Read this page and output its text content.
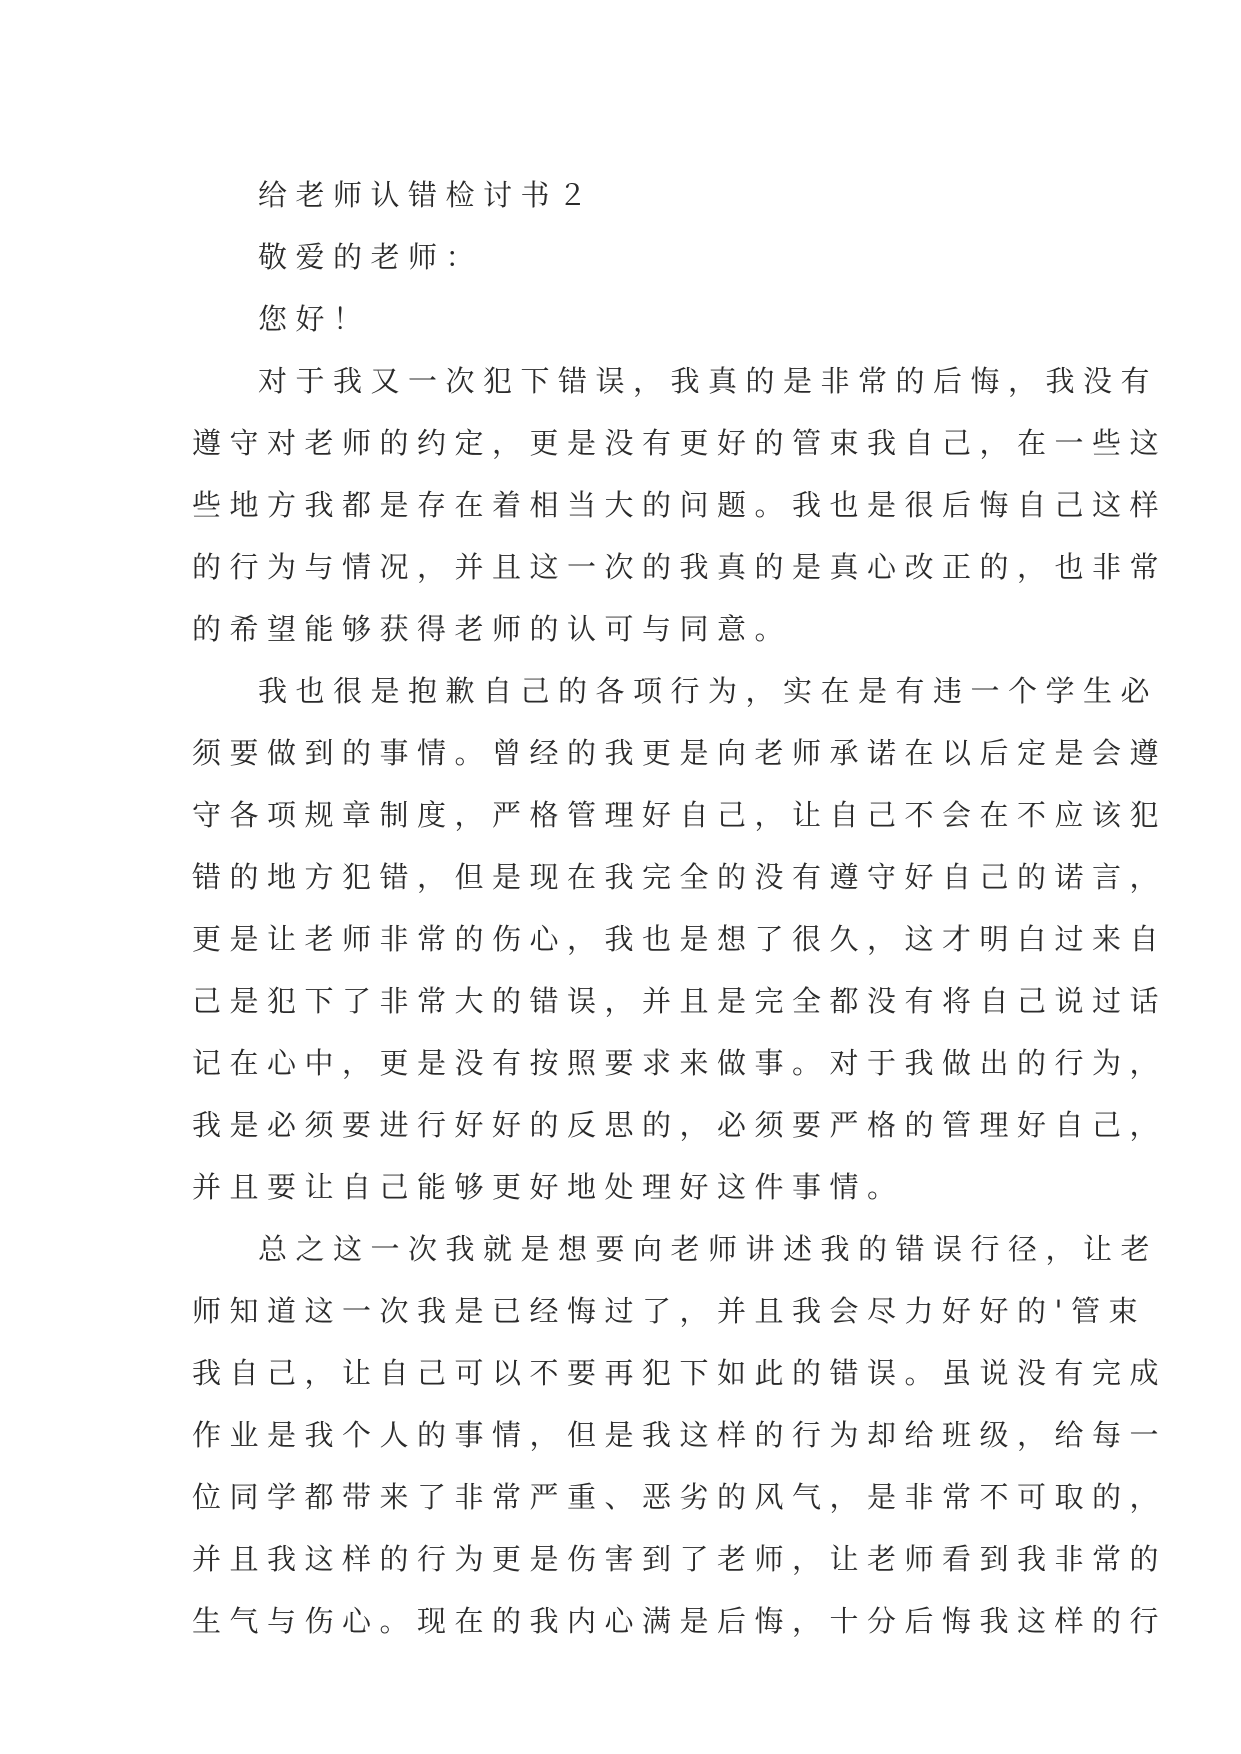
给老师认错检讨书２
敬爱的老师：
您好！
对于我又一次犯下错误，我真的是非常的后悔，我没有
遵守对老师的约定，更是没有更好的管束我自己，在一些这
些地方我都是存在着相当大的问题。我也是很后悔自己这样
的行为与情况，并且这一次的我真的是真心改正的，也非常
的希望能够获得老师的认可与同意。
我也很是抱歉自己的各项行为，实在是有违一个学生必
须要做到的事情。曾经的我更是向老师承诺在以后定是会遵
守各项规章制度，严格管理好自己，让自己不会在不应该犯
错的地方犯错，但是现在我完全的没有遵守好自己的诺言，
更是让老师非常的伤心，我也是想了很久，这才明白过来自
己是犯下了非常大的错误，并且是完全都没有将自己说过话
记在心中，更是没有按照要求来做事。对于我做出的行为，
我是必须要进行好好的反思的，必须要严格的管理好自己，
并且要让自己能够更好地处理好这件事情。
总之这一次我就是想要向老师讲述我的错误行径，让老
师知道这一次我是已经悔过了，并且我会尽力好好的'管束
我自己，让自己可以不要再犯下如此的错误。虽说没有完成
作业是我个人的事情，但是我这样的行为却给班级，给每一
位同学都带来了非常严重、恶劣的风气，是非常不可取的，
并且我这样的行为更是伤害到了老师，让老师看到我非常的
生气与伤心。现在的我内心满是后悔，十分后悔我这样的行
